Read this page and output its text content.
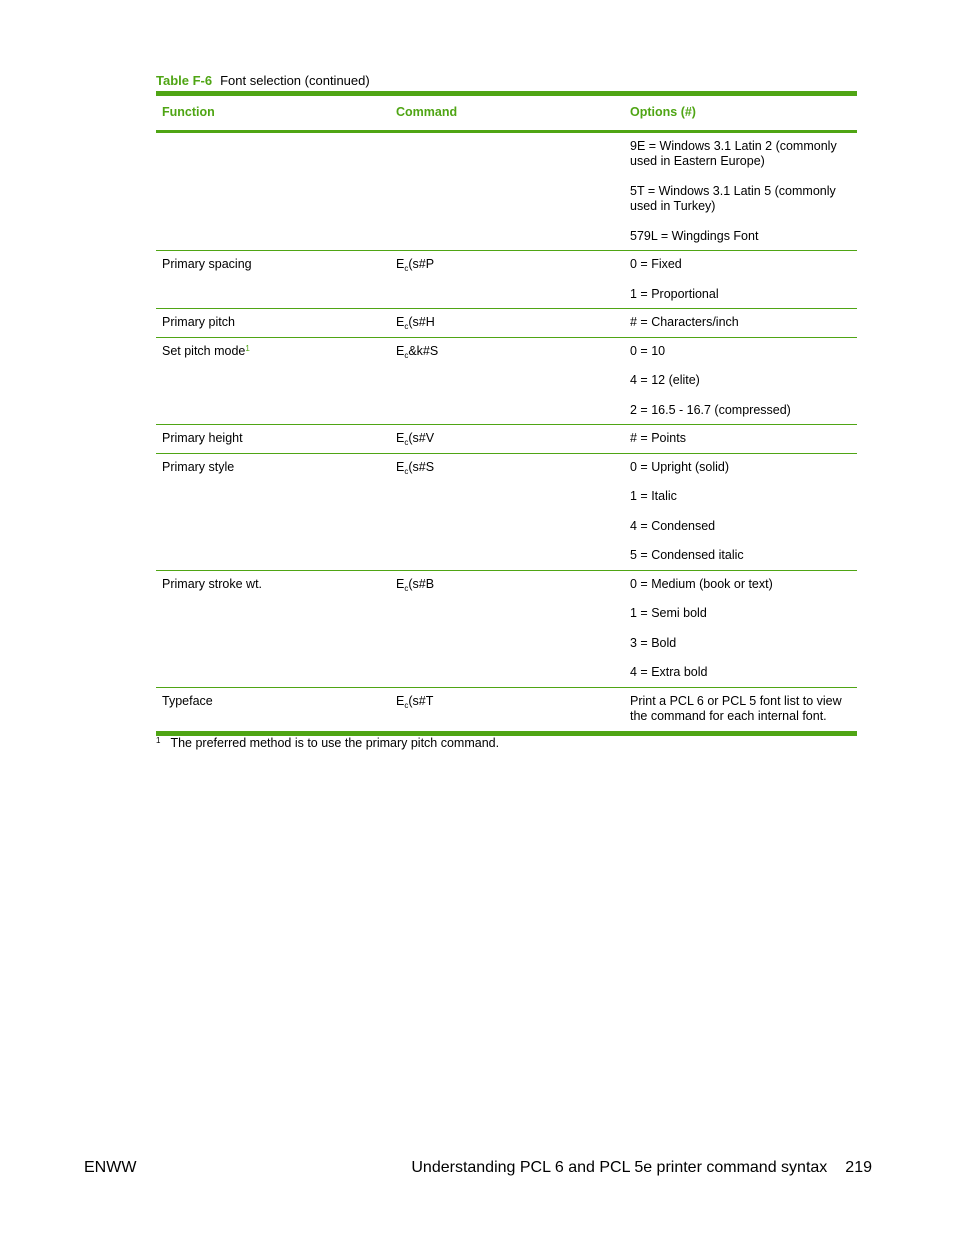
Table F-6 Font selection (continued)
Function	Command	Options (#)

		9E = Windows 3.1 Latin 2 (commonly used in Eastern Europe)
5T = Windows 3.1 Latin 5 (commonly used in Turkey)
579L = Wingdings Font

Primary spacing	$E_c(s\#P$	0 = Fixed
1 = Proportional

Primary pitch	$E_c(s\#H$	# = Characters/inch

Set pitch mode$^1$	$E_c\&k\#S$	0 = 10
4 = 12 (elite)
2 = 16.5 - 16.7 (compressed)

Primary height	$E_c(s\#V$	# = Points

Primary style	$E_c(s\#S$	0 = Upright (solid)
1 = Italic
4 = Condensed
5 = Condensed italic

Primary stroke wt.	$E_c(s\#B$	0 = Medium (book or text)
1 = Semi bold
3 = Bold
4 = Extra bold

Typeface	$E_c(s\#T$	Print a PCL 6 or PCL 5 font list to view the command for each internal font.
$^1$ The preferred method is to use the primary pitch command.
ENWW	Understanding PCL 6 and PCL 5e printer command syntax 219
